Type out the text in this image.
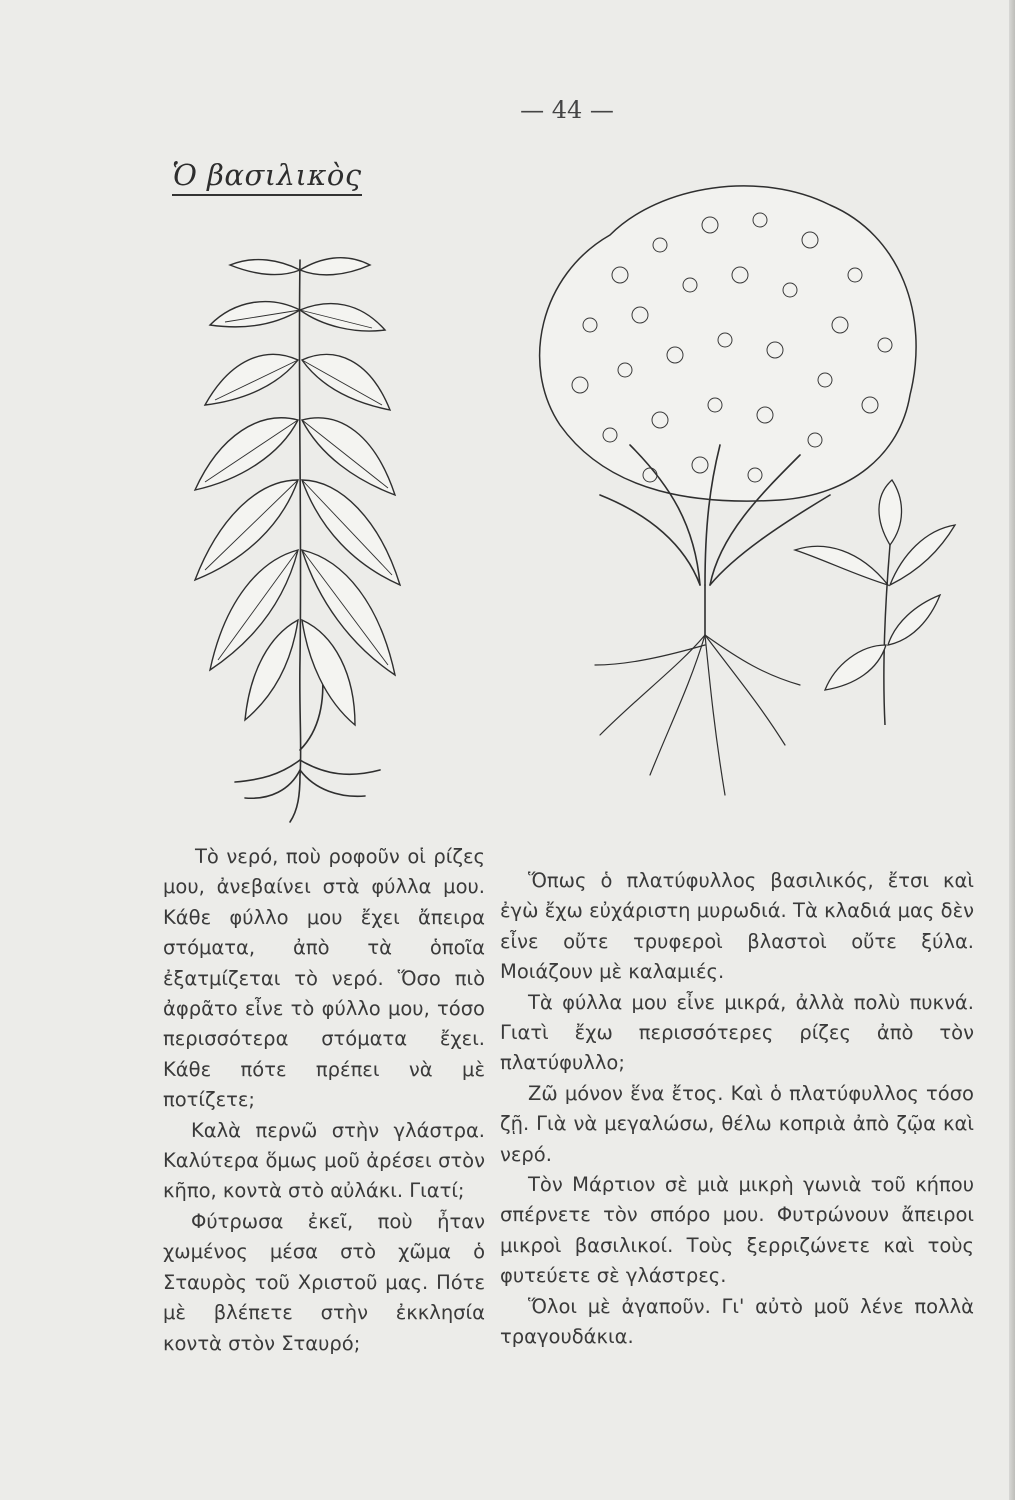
— 44 —
Ὁ βασιλικὸς

Τὸ νερό, ποὺ ροφοῦν οἱ ρίζες μου, ἀνεβαίνει στὰ φύλλα μου. Κάθε φύλλο μου ἔχει ἄπειρα στόματα, ἀπὸ τὰ ὁποῖα ἐξατμίζεται τὸ νερό. Ὅσο πιὸ ἀφρᾶτο εἶνε τὸ φύλλο μου, τόσο περισσότερα στόματα ἔχει. Κάθε πότε πρέπει νὰ μὲ ποτίζετε;

Καλὰ περνῶ στὴν γλάστρα. Καλύτερα ὅμως μοῦ ἀρέσει στὸν κῆπο, κοντὰ στὸ αὐλάκι. Γιατί;

Φύτρωσα ἐκεῖ, ποὺ ἦταν χωμένος μέσα στὸ χῶμα ὁ Σταυρὸς τοῦ Χριστοῦ μας. Πότε μὲ βλέπετε στὴν ἐκκλησία κοντὰ στὸν Σταυρό;

Ὅπως ὁ πλατύφυλλος βασιλικός, ἔτσι καὶ ἐγὼ ἔχω εὐχάριστη μυρωδιά. Τὰ κλαδιά μας δὲν εἶνε οὔτε τρυφεροὶ βλαστοὶ οὔτε ξύλα. Μοιάζουν μὲ καλαμιές.

Τὰ φύλλα μου εἶνε μικρά, ἀλλὰ πολὺ πυκνά. Γιατὶ ἔχω περισσότερες ρίζες ἀπὸ τὸν πλατύφυλλο;

Ζῶ μόνον ἕνα ἔτος. Καὶ ὁ πλατύφυλλος τόσο ζῇ. Γιὰ νὰ μεγαλώσω, θέλω κοπριὰ ἀπὸ ζῷα καὶ νερό.

Τὸν Μάρτιον σὲ μιὰ μικρὴ γωνιὰ τοῦ κήπου σπέρνετε τὸν σπόρο μου. Φυτρώνουν ἄπειροι μικροὶ βασιλικοί. Τοὺς ξερριζώνετε καὶ τοὺς φυτεύετε σὲ γλάστρες.

Ὅλοι μὲ ἀγαποῦν. Γι' αὐτὸ μοῦ λένε πολλὰ τραγουδάκια.
